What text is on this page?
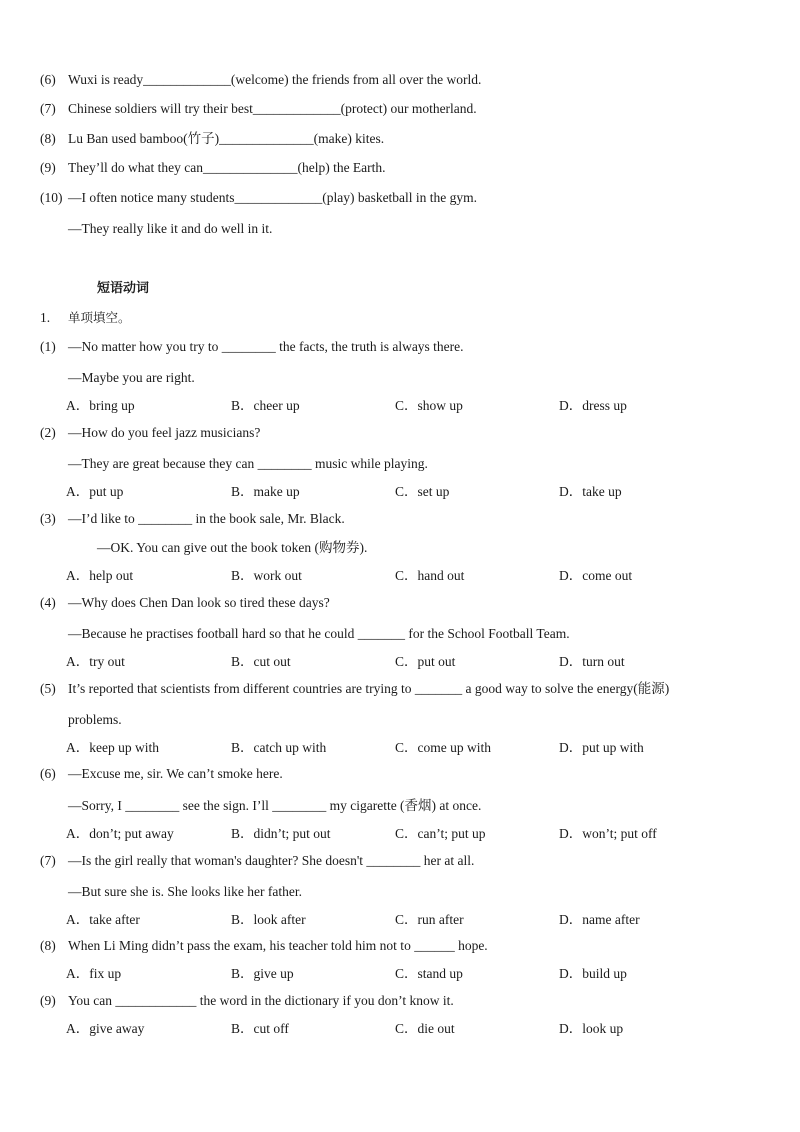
(6) Wuxi is ready_____________(welcome) the friends from all over the world.
(7) Chinese soldiers will try their best_____________(protect) our motherland.
(8) Lu Ban used bamboo(竹子)______________(make) kites.
(9) They’ll do what they can______________(help) the Earth.
(10) —I often notice many students_____________(play) basketball in the gym.
—They really like it and do well in it.
短语动词
1. 单项填空。
(1) —No matter how you try to ________ the facts, the truth is always there.
—Maybe you are right.
A．bring up	B．cheer up	C．show up	D．dress up
(2) —How do you feel jazz musicians?
—They are great because they can ________ music while playing.
A．put up	B．make up	C．set up	D．take up
(3) —I’d like to ________ in the book sale, Mr. Black.
—OK. You can give out the book token (购物券).
A．help out	B．work out	C．hand out	D．come out
(4) —Why does Chen Dan look so tired these days?
—Because he practises football hard so that he could _______ for the School Football Team.
A．try out	B．cut out	C．put out	D．turn out
(5) It’s reported that scientists from different countries are trying to _______ a good way to solve the energy(能源)
problems.
A．keep up with	B．catch up with	C．come up with	D．put up with
(6) —Excuse me, sir. We can’t smoke here.
—Sorry, I ________ see the sign. I’ll ________ my cigarette (香烟) at once.
A．don’t; put away	B．didn’t; put out	C．can’t; put up	D．won’t; put off
(7) —Is the girl really that woman's daughter? She doesn't ________ her at all.
—But sure she is. She looks like her father.
A．take after	B．look after	C．run after	D．name after
(8) When Li Ming didn’t pass the exam, his teacher told him not to ______ hope.
A．fix up	B．give up	C．stand up	D．build up
(9) You can ____________ the word in the dictionary if you don’t know it.
A．give away	B．cut off	C．die out	D．look up
